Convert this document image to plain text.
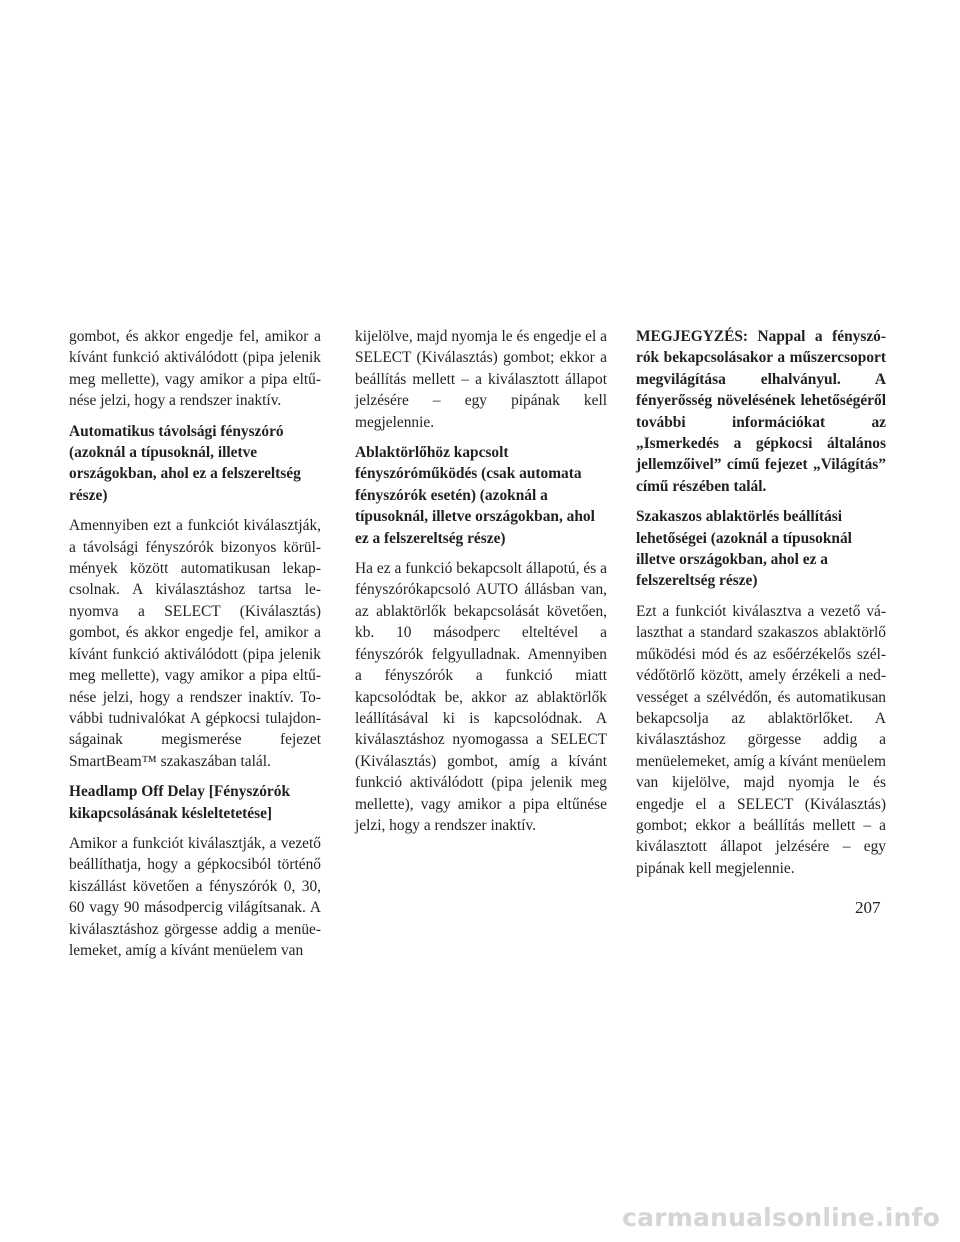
gombot, és akkor engedje fel, amikor a kívánt funkció aktiválódott (pipa jelenik meg mellette), vagy amikor a pipa eltűnése jelzi, hogy a rendszer inaktív.

Automatikus távolsági fényszóró (azoknál a típusoknál, illetve országokban, ahol ez a felszereltség része)

Amennyiben ezt a funkciót kiválasztják, a távolsági fényszórók bizonyos körülmények között automatikusan lekapcsolnak. A kiválasztáshoz tartsa lenyomva a SELECT (Kiválasztás) gombot, és akkor engedje fel, amikor a kívánt funkció aktiválódott (pipa jelenik meg mellette), vagy amikor a pipa eltűnése jelzi, hogy a rendszer inaktív. További tudnivalókat A gépkocsi tulajdonságainak megismerése fejezet SmartBeam™ szakaszában talál.

Headlamp Off Delay [Fényszórók kikapcsolásának késleltetetése]

Amikor a funkciót kiválasztják, a vezető beállíthatja, hogy a gépkocsiból történő kiszállást követően a fényszórók 0, 30, 60 vagy 90 másodpercig világítsanak. A kiválasztáshoz görgesse addig a menüelemeket, amíg a kívánt menüelem van

kijelölve, majd nyomja le és engedje el a SELECT (Kiválasztás) gombot; ekkor a beállítás mellett – a kiválasztott állapot jelzésére – egy pipának kell megjelennie.

Ablaktörlőhöz kapcsolt fényszóróműködés (csak automata fényszórók esetén) (azoknál a típusoknál, illetve országokban, ahol ez a felszereltség része)

Ha ez a funkció bekapcsolt állapotú, és a fényszórókapcsoló AUTO állásban van, az ablaktörlők bekapcsolását követően, kb. 10 másodperc elteltével a fényszórók felgyulladnak. Amennyiben a fényszórók a funkció miatt kapcsolódtak be, akkor az ablaktörlők leállításával ki is kapcsolódnak. A kiválasztáshoz nyomogassa a SELECT (Kiválasztás) gombot, amíg a kívánt funkció aktiválódott (pipa jelenik meg mellette), vagy amikor a pipa eltűnése jelzi, hogy a rendszer inaktív.

MEGJEGYZÉS: Nappal a fényszórók bekapcsolásakor a műszercsoport megvilágítása elhalványul. A fényerősség növelésének lehetőségéről további információkat az „Ismerkedés a gépkocsi általános jellemzőivel” című fejezet „Világítás” című részében talál.

Szakaszos ablaktörlés beállítási lehetőségei (azoknál a típusoknál illetve országokban, ahol ez a felszereltség része)

Ezt a funkciót kiválasztva a vezető választhat a standard szakaszos ablaktörlő működési mód és az esőérzékelős szélvédőtörlő között, amely érzékeli a nedvességet a szélvédőn, és automatikusan bekapcsolja az ablaktörlőket. A kiválasztáshoz görgesse addig a menüelemeket, amíg a kívánt menüelem van kijelölve, majd nyomja le és engedje el a SELECT (Kiválasztás) gombot; ekkor a beállítás mellett – a kiválasztott állapot jelzésére – egy pipának kell megjelennie.

207
carmanualsonline.info
